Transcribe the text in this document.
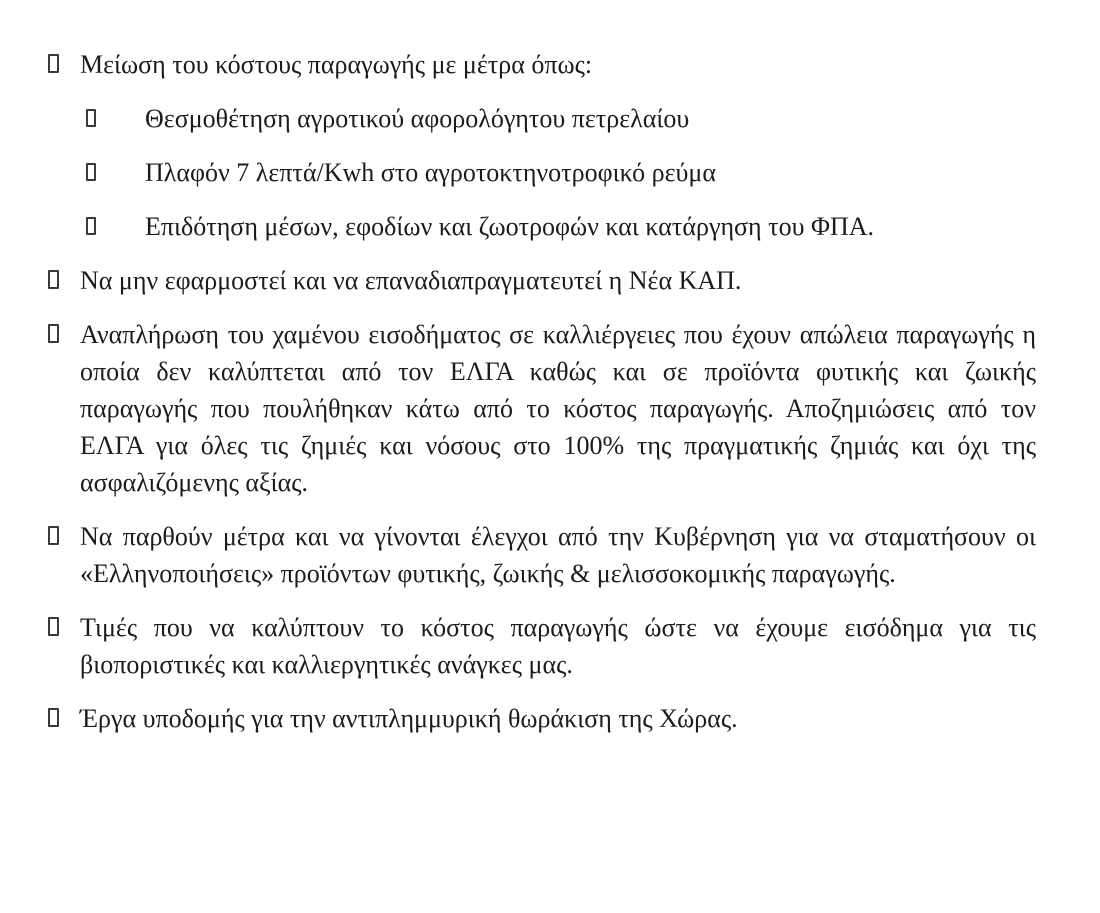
Μείωση του κόστους παραγωγής με μέτρα όπως:
Θεσμοθέτηση αγροτικού αφορολόγητου πετρελαίου
Πλαφόν 7 λεπτά/Kwh στο αγροτοκτηνοτροφικό ρεύμα
Επιδότηση μέσων, εφοδίων και ζωοτροφών και κατάργηση του ΦΠΑ.
Να μην εφαρμοστεί και να επαναδιαπραγματευτεί η Νέα ΚΑΠ.
Αναπλήρωση του χαμένου εισοδήματος σε καλλιέργειες που έχουν απώλεια παραγωγής η οποία δεν καλύπτεται από τον ΕΛΓΑ καθώς και σε προϊόντα φυτικής και ζωικής παραγωγής που πουλήθηκαν κάτω από το κόστος παραγωγής. Αποζημιώσεις από τον ΕΛΓΑ για όλες τις ζημιές και νόσους στο 100% της πραγματικής ζημιάς και όχι της ασφαλιζόμενης αξίας.
Να παρθούν μέτρα και να γίνονται έλεγχοι από την Κυβέρνηση για να σταματήσουν οι «Ελληνοποιήσεις» προϊόντων φυτικής, ζωικής & μελισσοκομικής παραγωγής.
Τιμές που να καλύπτουν το κόστος παραγωγής ώστε να έχουμε εισόδημα για τις βιοποριστικές και καλλιεργητικές ανάγκες μας.
Έργα υποδομής για την αντιπλημμυρική θωράκιση της Χώρας.
